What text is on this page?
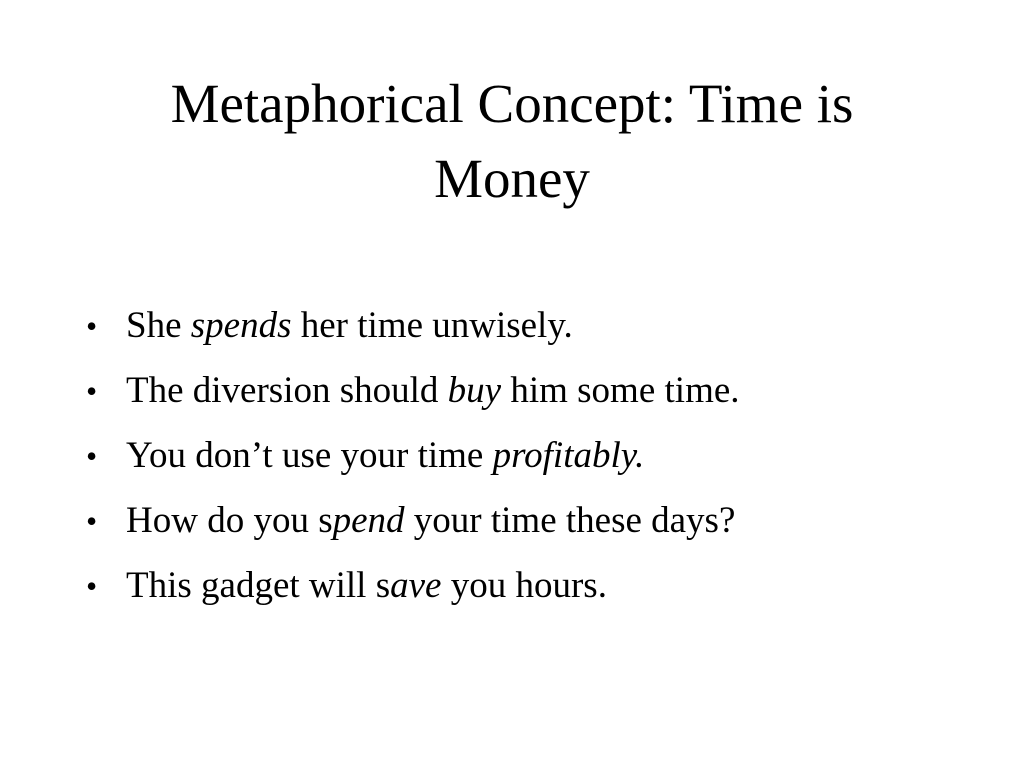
Metaphorical Concept: Time is
Money
• She spends her time unwisely.
• The diversion should buy him some time.
• You don’t use your time profitably.
• How do you spend your time these days?
• This gadget will save you hours.
